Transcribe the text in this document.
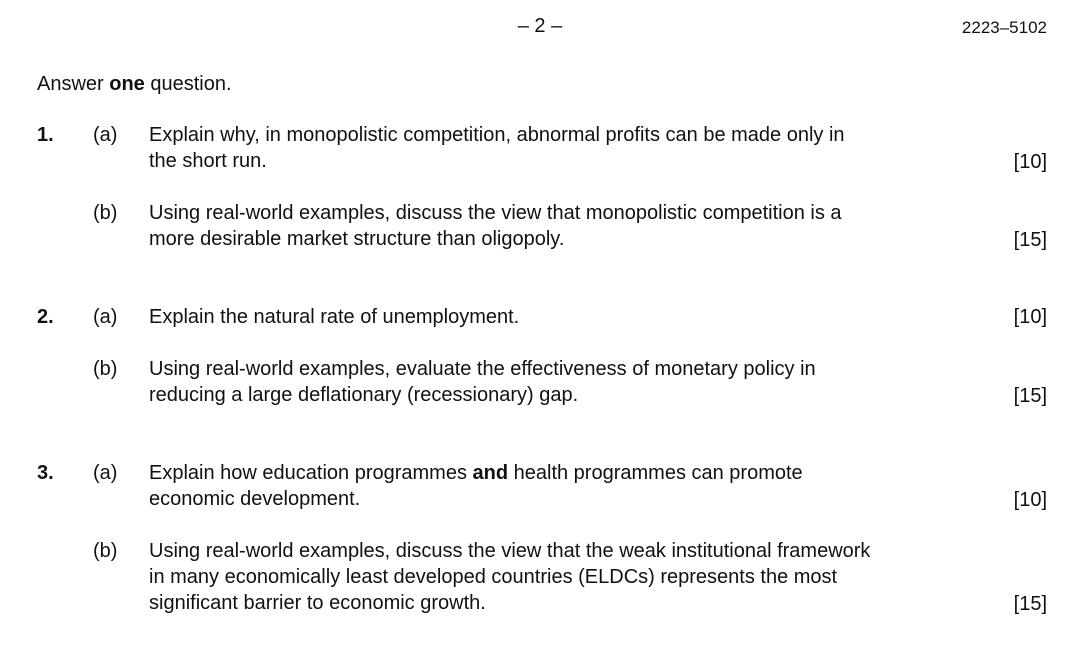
– 2 –	2223–5102
Answer one question.
1. (a) Explain why, in monopolistic competition, abnormal profits can be made only in
the short run.	[10]
(b) Using real-world examples, discuss the view that monopolistic competition is a
more desirable market structure than oligopoly.	[15]
2. (a) Explain the natural rate of unemployment.	[10]
(b) Using real-world examples, evaluate the effectiveness of monetary policy in
reducing a large deflationary (recessionary) gap.	[15]
3. (a) Explain how education programmes and health programmes can promote
economic development.	[10]
(b) Using real-world examples, discuss the view that the weak institutional framework
in many economically least developed countries (ELDCs) represents the most
significant barrier to economic growth.	[15]
